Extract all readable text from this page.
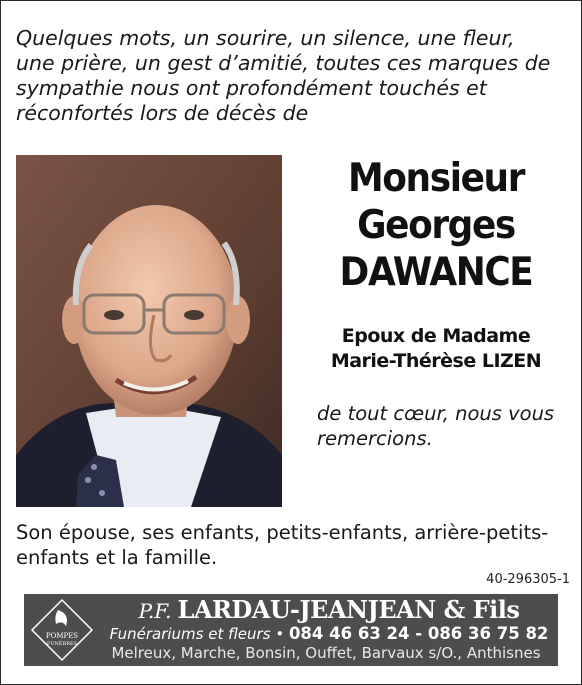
Quelques mots, un sourire, un silence, une fleur, une prière, un gest d’amitié, toutes ces marques de sympathie nous ont profondément touchés et réconfortés lors de décès de

Monsieur
Georges
DAWANCE
Epoux de Madame
Marie-Thérèse LIZEN

de tout cœur, nous vous remercions.

Son épouse, ses enfants, petits-enfants, arrière-petits-enfants et la famille.

40-296305-1
POMPES
FUNÈBRES
P.F. LARDAU-JEANJEAN & Fils
Funérariums et fleurs • 084 46 63 24 - 086 36 75 82
Melreux, Marche, Bonsin, Ouffet, Barvaux s/O., Anthisnes
